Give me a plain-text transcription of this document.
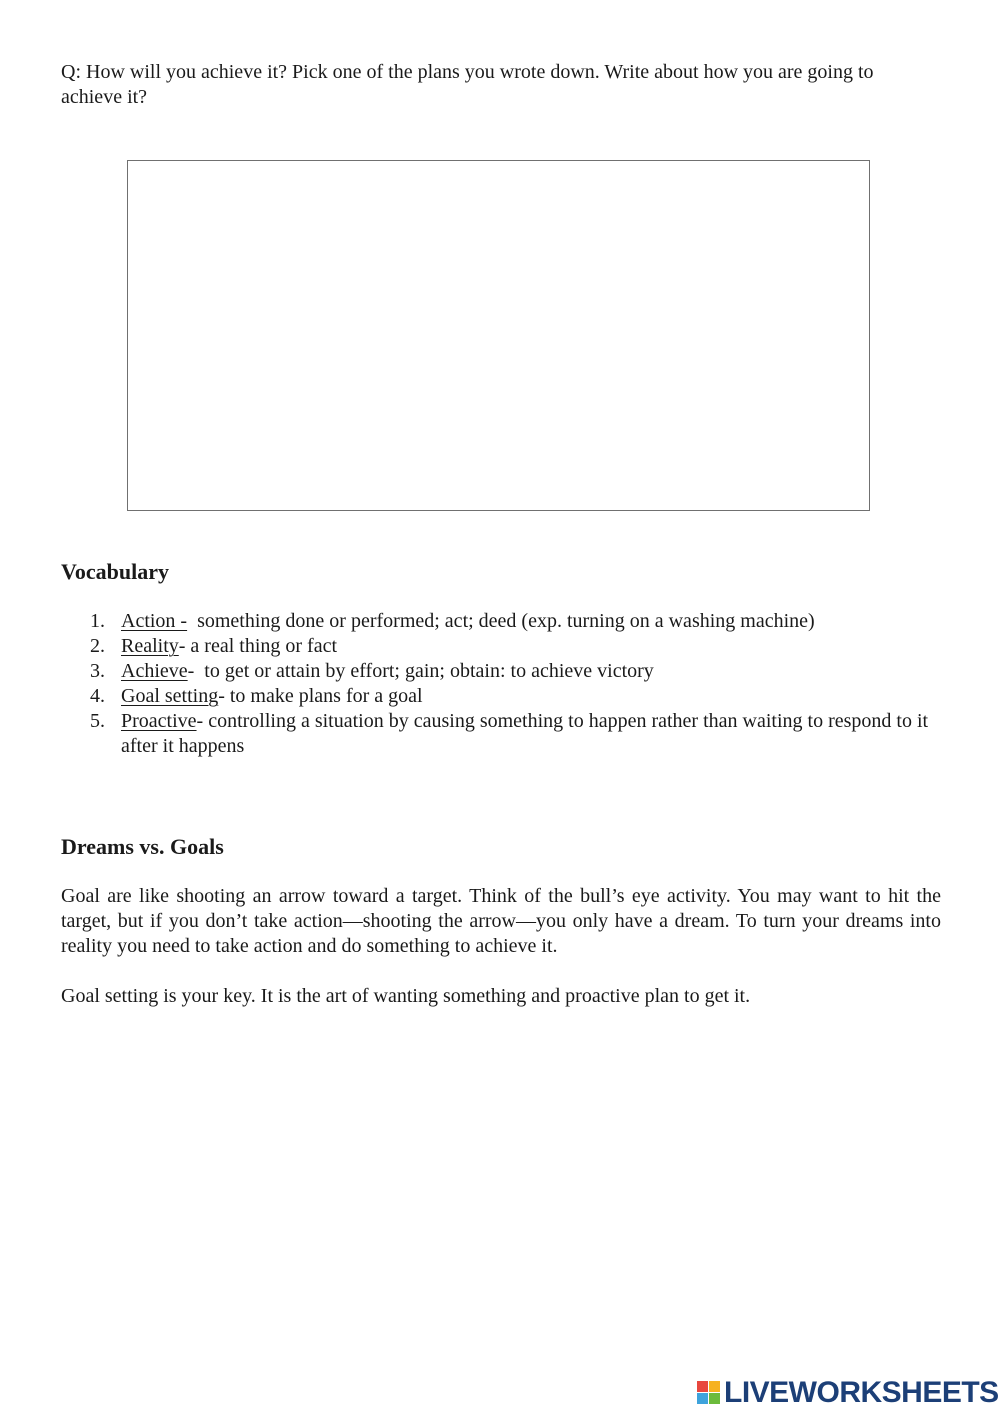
Q: How will you achieve it? Pick one of the plans you wrote down. Write about how you are going to achieve it?
Vocabulary
1. Action -  something done or performed; act; deed (exp. turning on a washing machine)
2. Reality- a real thing or fact
3. Achieve-  to get or attain by effort; gain; obtain: to achieve victory
4. Goal setting- to make plans for a goal
5. Proactive- controlling a situation by causing something to happen rather than waiting to respond to it after it happens
Dreams vs. Goals

Goal are like shooting an arrow toward a target. Think of the bull’s eye activity. You may want to hit the target, but if you don’t take action—shooting the arrow—you only have a dream. To turn your dreams into reality you need to take action and do something to achieve it.

Goal setting is your key. It is the art of wanting something and proactive plan to get it.

LIVEWORKSHEETS
